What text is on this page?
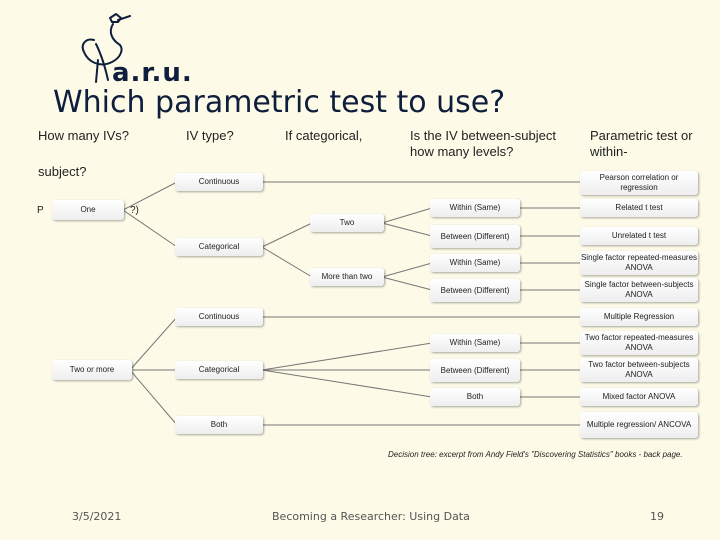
a.r.u.
Which parametric test to use?
How many IVs?	IV type?	If categorical,	Is the IV between-subject how many levels?
Parametric test or within-
subject?
P	?)
One
Two or more
Continuous
Categorical
Continuous
Categorical
Both
Two
More than two
Within (Same)
Between (Different)
Within (Same)
Between (Different)
Within (Same)
Between (Different)
Both
Pearson correlation or regression
Related t test
Unrelated t test
Single factor repeated-measures ANOVA
Single factor between-subjects ANOVA
Multiple Regression
Two factor repeated-measures ANOVA
Two factor between-subjects ANOVA
Mixed factor ANOVA
Multiple regression/ ANCOVA
Decision tree: excerpt from Andy Field's "Discovering Statistics" books - back page.
3/5/2021	Becoming a Researcher: Using Data	19
